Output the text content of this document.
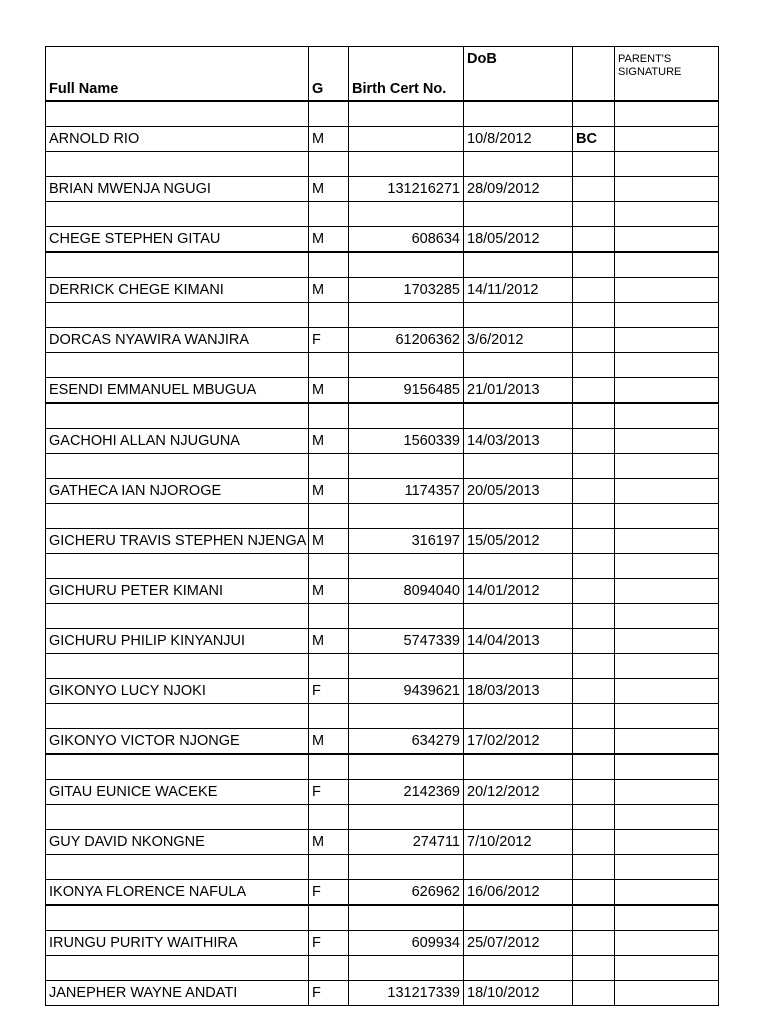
Full Name	G	Birth Cert No.	DoB		PARENT'S
SIGNATURE

ARNOLD RIO	M		10/8/2012	BC	

BRIAN MWENJA NGUGI	M	131216271	28/09/2012		

CHEGE STEPHEN GITAU	M	608634	18/05/2012		

DERRICK CHEGE KIMANI	M	1703285	14/11/2012		

DORCAS NYAWIRA WANJIRA	F	61206362	3/6/2012		

ESENDI EMMANUEL MBUGUA	M	9156485	21/01/2013		

GACHOHI ALLAN NJUGUNA	M	1560339	14/03/2013		

GATHECA IAN NJOROGE	M	1174357	20/05/2013		

GICHERU TRAVIS STEPHEN NJENGA	M	316197	15/05/2012		

GICHURU PETER KIMANI	M	8094040	14/01/2012		

GICHURU PHILIP KINYANJUI	M	5747339	14/04/2013		

GIKONYO LUCY NJOKI	F	9439621	18/03/2013		

GIKONYO VICTOR NJONGE	M	634279	17/02/2012		

GITAU EUNICE WACEKE	F	2142369	20/12/2012		

GUY DAVID NKONGNE	M	274711	7/10/2012		

IKONYA FLORENCE NAFULA	F	626962	16/06/2012		

IRUNGU PURITY WAITHIRA	F	609934	25/07/2012		

JANEPHER WAYNE ANDATI	F	131217339	18/10/2012		
